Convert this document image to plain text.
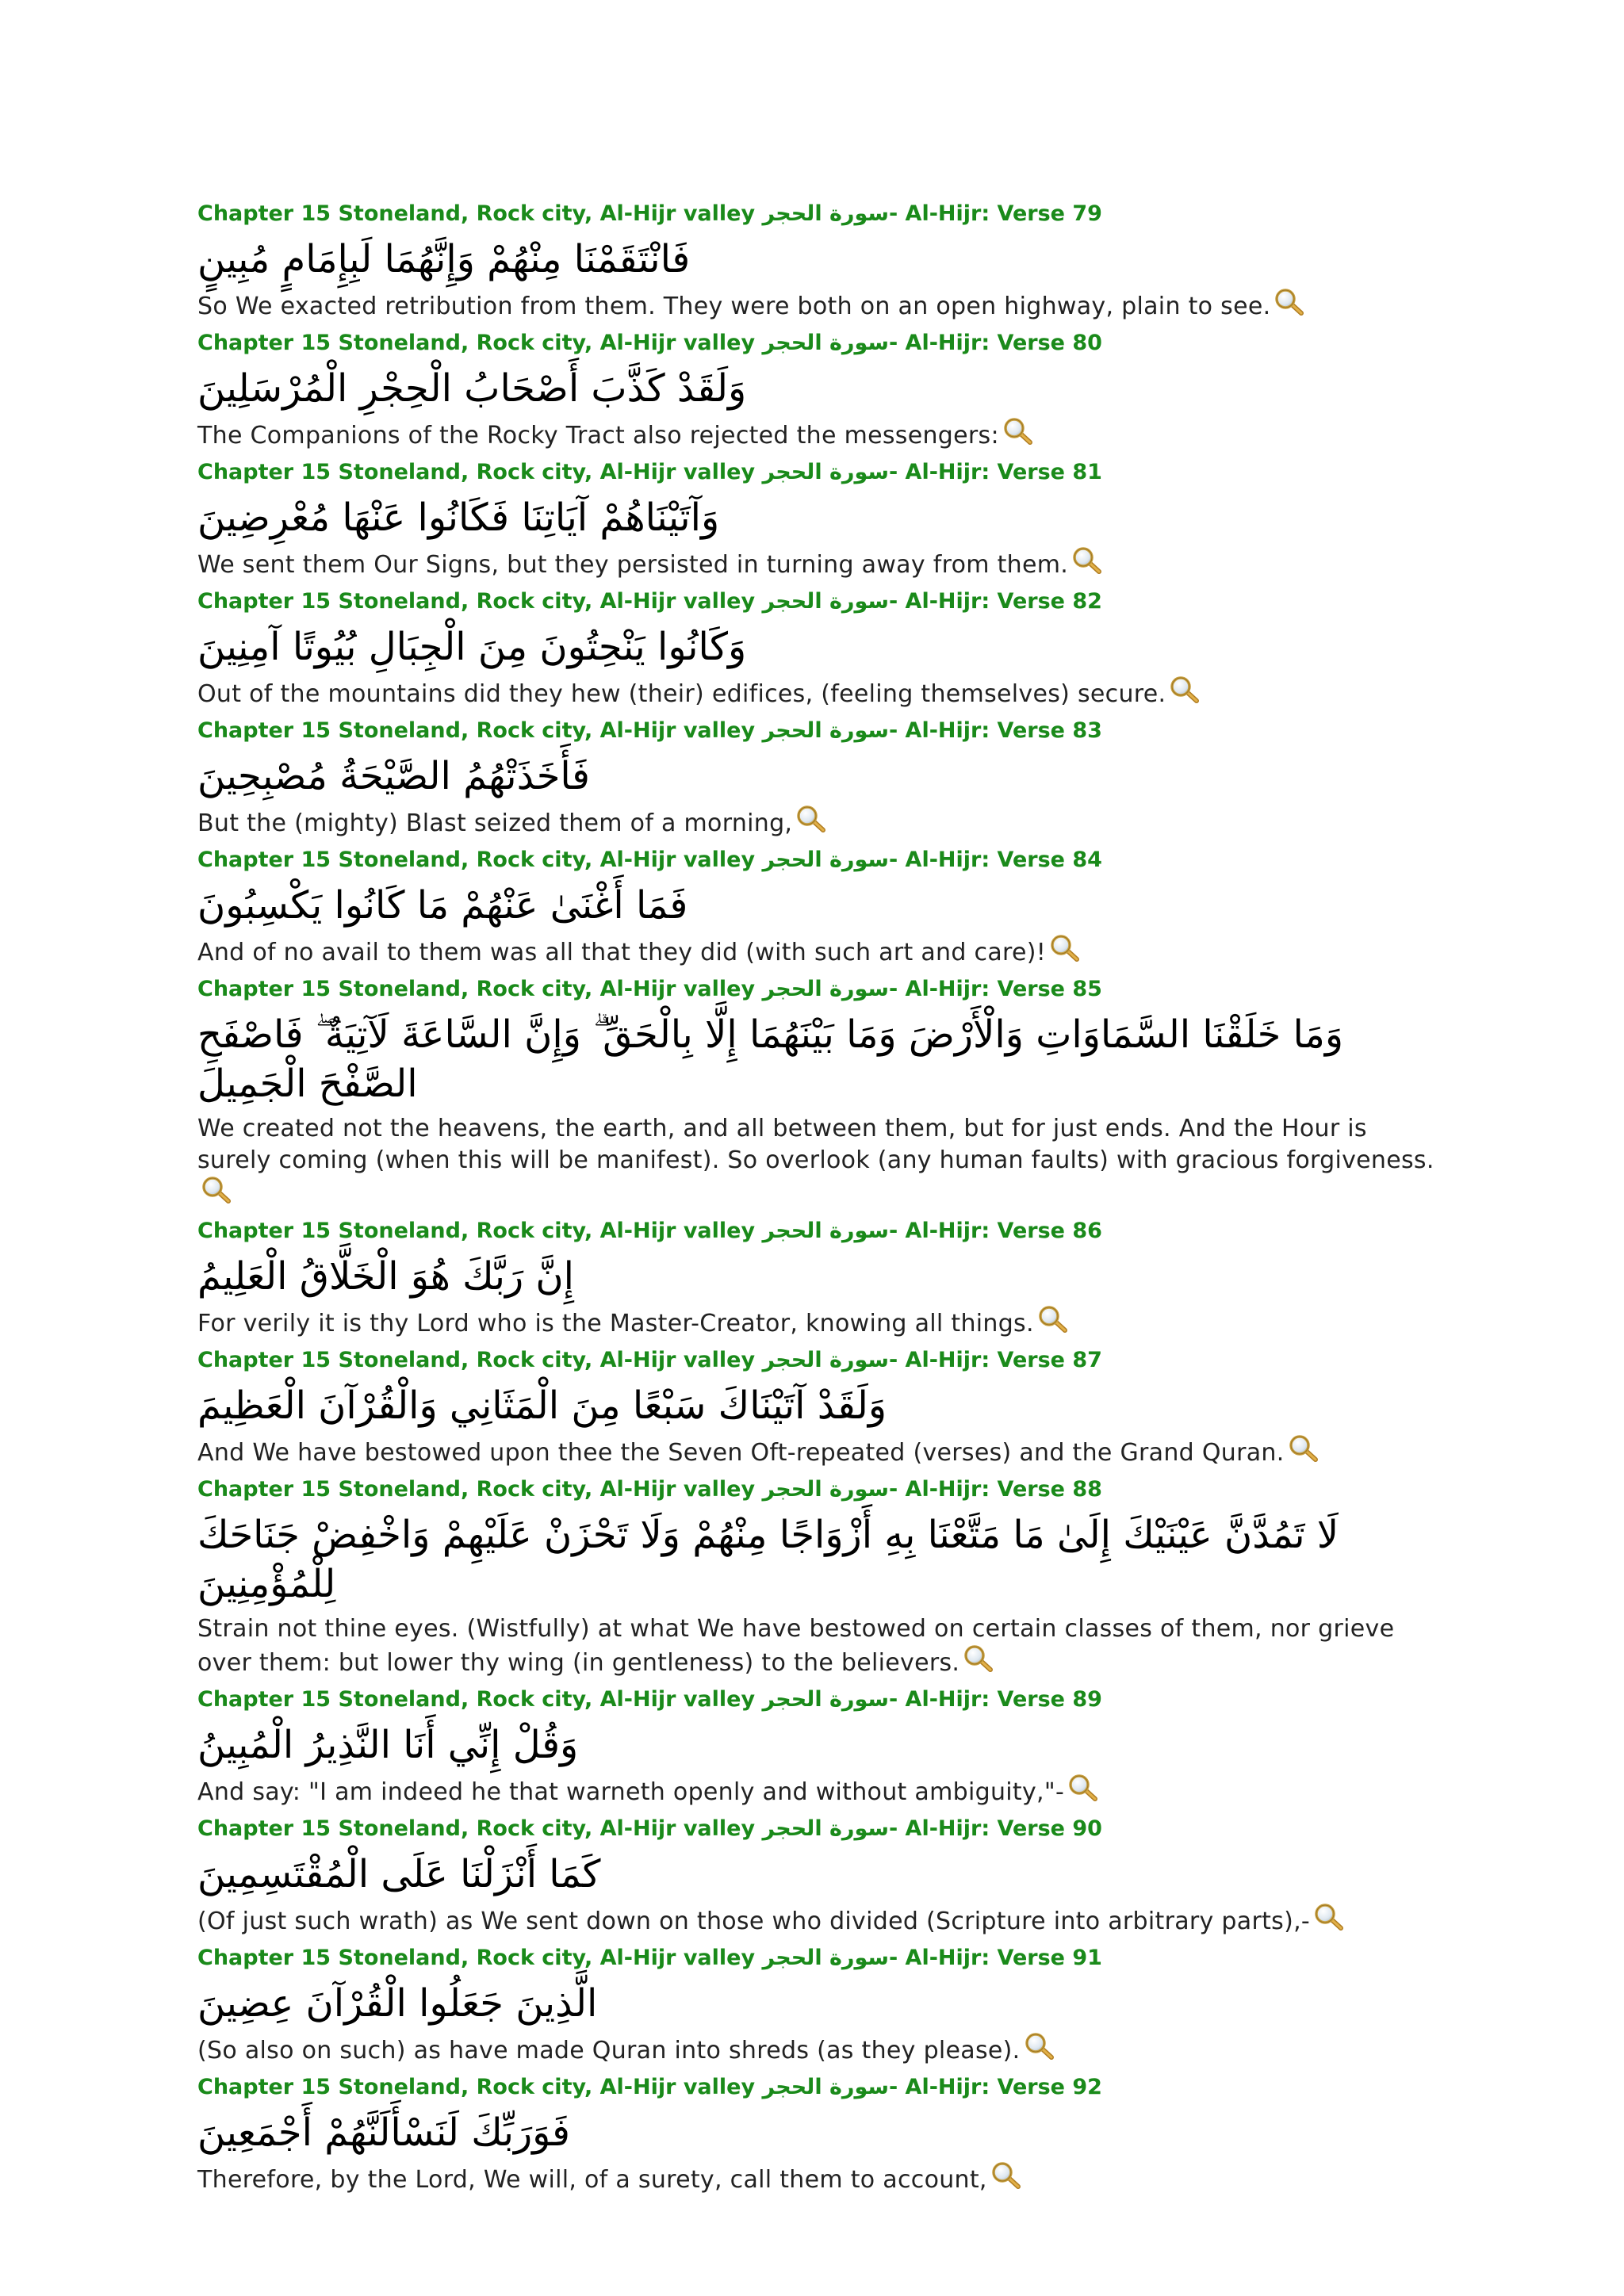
Chapter 15 Stoneland, Rock city, Al-Hijr valley سورة الحجر- Al-Hijr: Verse 79
فَانْتَقَمْنَا مِنْهُمْ وَإِنَّهُمَا لَبِإِمَامٍ مُبِينٍ
So We exacted retribution from them. They were both on an open highway, plain to see.
Chapter 15 Stoneland, Rock city, Al-Hijr valley سورة الحجر- Al-Hijr: Verse 80
وَلَقَدْ كَذَّبَ أَصْحَابُ الْحِجْرِ الْمُرْسَلِينَ
The Companions of the Rocky Tract also rejected the messengers:
Chapter 15 Stoneland, Rock city, Al-Hijr valley سورة الحجر- Al-Hijr: Verse 81
وَآتَيْنَاهُمْ آيَاتِنَا فَكَانُوا عَنْهَا مُعْرِضِينَ
We sent them Our Signs, but they persisted in turning away from them.
Chapter 15 Stoneland, Rock city, Al-Hijr valley سورة الحجر- Al-Hijr: Verse 82
وَكَانُوا يَنْحِتُونَ مِنَ الْجِبَالِ بُيُوتًا آمِنِينَ
Out of the mountains did they hew (their) edifices, (feeling themselves) secure.
Chapter 15 Stoneland, Rock city, Al-Hijr valley سورة الحجر- Al-Hijr: Verse 83
فَأَخَذَتْهُمُ الصَّيْحَةُ مُصْبِحِينَ
But the (mighty) Blast seized them of a morning,
Chapter 15 Stoneland, Rock city, Al-Hijr valley سورة الحجر- Al-Hijr: Verse 84
فَمَا أَغْنَىٰ عَنْهُمْ مَا كَانُوا يَكْسِبُونَ
And of no avail to them was all that they did (with such art and care)!
Chapter 15 Stoneland, Rock city, Al-Hijr valley سورة الحجر- Al-Hijr: Verse 85
وَمَا خَلَقْنَا السَّمَاوَاتِ وَالْأَرْضَ وَمَا بَيْنَهُمَا إِلَّا بِالْحَقِّ ۗ وَإِنَّ السَّاعَةَ لَآتِيَةٌ ۖ فَاصْفَحِ الصَّفْحَ الْجَمِيلَ
We created not the heavens, the earth, and all between them, but for just ends. And the Hour is surely coming (when this will be manifest). So overlook (any human faults) with gracious forgiveness.
Chapter 15 Stoneland, Rock city, Al-Hijr valley سورة الحجر- Al-Hijr: Verse 86
إِنَّ رَبَّكَ هُوَ الْخَلَّاقُ الْعَلِيمُ
For verily it is thy Lord who is the Master-Creator, knowing all things.
Chapter 15 Stoneland, Rock city, Al-Hijr valley سورة الحجر- Al-Hijr: Verse 87
وَلَقَدْ آتَيْنَاكَ سَبْعًا مِنَ الْمَثَانِي وَالْقُرْآنَ الْعَظِيمَ
And We have bestowed upon thee the Seven Oft-repeated (verses) and the Grand Quran.
Chapter 15 Stoneland, Rock city, Al-Hijr valley سورة الحجر- Al-Hijr: Verse 88
لَا تَمُدَّنَّ عَيْنَيْكَ إِلَىٰ مَا مَتَّعْنَا بِهِ أَزْوَاجًا مِنْهُمْ وَلَا تَحْزَنْ عَلَيْهِمْ وَاخْفِضْ جَنَاحَكَ لِلْمُؤْمِنِينَ
Strain not thine eyes. (Wistfully) at what We have bestowed on certain classes of them, nor grieve over them: but lower thy wing (in gentleness) to the believers.
Chapter 15 Stoneland, Rock city, Al-Hijr valley سورة الحجر- Al-Hijr: Verse 89
وَقُلْ إِنِّي أَنَا النَّذِيرُ الْمُبِينُ
And say: "I am indeed he that warneth openly and without ambiguity,"-
Chapter 15 Stoneland, Rock city, Al-Hijr valley سورة الحجر- Al-Hijr: Verse 90
كَمَا أَنْزَلْنَا عَلَى الْمُقْتَسِمِينَ
(Of just such wrath) as We sent down on those who divided (Scripture into arbitrary parts),-
Chapter 15 Stoneland, Rock city, Al-Hijr valley سورة الحجر- Al-Hijr: Verse 91
الَّذِينَ جَعَلُوا الْقُرْآنَ عِضِينَ
(So also on such) as have made Quran into shreds (as they please).
Chapter 15 Stoneland, Rock city, Al-Hijr valley سورة الحجر- Al-Hijr: Verse 92
فَوَرَبِّكَ لَنَسْأَلَنَّهُمْ أَجْمَعِينَ
Therefore, by the Lord, We will, of a surety, call them to account,
